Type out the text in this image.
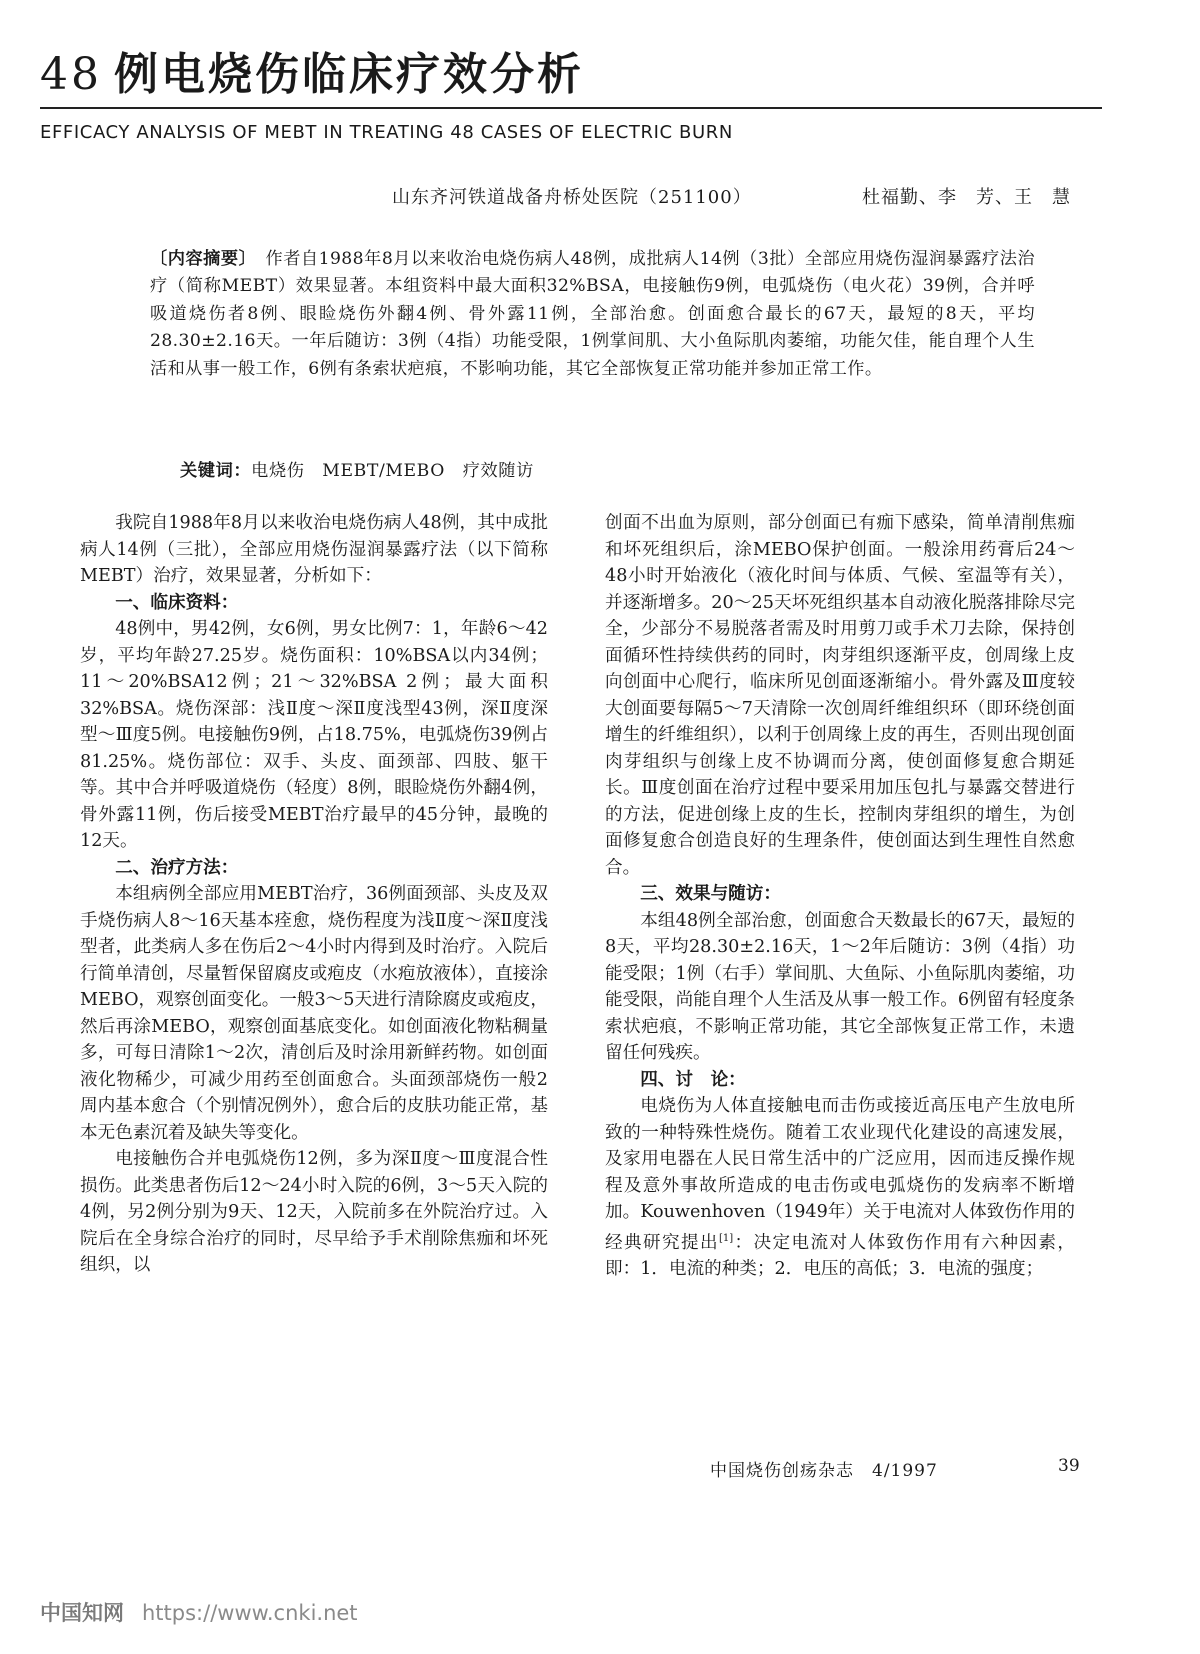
48 例电烧伤临床疗效分析
EFFICACY ANALYSIS OF MEBT IN TREATING 48 CASES OF ELECTRIC BURN
山东齐河铁道战备舟桥处医院（251100）	杜福勤、李　芳、王　慧
〔内容摘要〕　 作者自1988年8月以来收治电烧伤病人48例，成批病人14例（3批）全部应用烧伤湿润暴露疗法治疗（简称MEBT）效果显著。本组资料中最大面积32%BSA，电接触伤9例，电弧烧伤（电火花）39例，合并呼吸道烧伤者8例、眼睑烧伤外翻4例、骨外露11例，全部治愈。创面愈合最长的67天，最短的8天，平均28.30±2.16天。一年后随访：3例（4指）功能受限，1例掌间肌、大小鱼际肌肉萎缩，功能欠佳，能自理个人生活和从事一般工作，6例有条索状疤痕，不影响功能，其它全部恢复正常功能并参加正常工作。
关键词：电烧伤　MEBT/MEBO　疗效随访

我院自1988年8月以来收治电烧伤病人48例，其中成批病人14例（三批），全部应用烧伤湿润暴露疗法（以下简称MEBT）治疗，效果显著，分析如下：

一、临床资料：

48例中，男42例，女6例，男女比例7：1，年龄6～42岁，平均年龄27.25岁。烧伤面积：10%BSA以内34例；11～20%BSA12例；21～32%BSA 2例；最大面积32%BSA。烧伤深部：浅Ⅱ度～深Ⅱ度浅型43例，深Ⅱ度深型～Ⅲ度5例。电接触伤9例，占18.75%，电弧烧伤39例占81.25%。烧伤部位：双手、头皮、面颈部、四肢、躯干等。其中合并呼吸道烧伤（轻度）8例，眼睑烧伤外翻4例，骨外露11例，伤后接受MEBT治疗最早的45分钟，最晚的12天。

二、治疗方法：

本组病例全部应用MEBT治疗，36例面颈部、头皮及双手烧伤病人8～16天基本痊愈，烧伤程度为浅Ⅱ度～深Ⅱ度浅型者，此类病人多在伤后2～4小时内得到及时治疗。入院后行简单清创，尽量暂保留腐皮或疱皮（水疱放液体），直接涂MEBO，观察创面变化。一般3～5天进行清除腐皮或疱皮，然后再涂MEBO，观察创面基底变化。如创面液化物粘稠量多，可每日清除1～2次，清创后及时涂用新鲜药物。如创面液化物稀少，可减少用药至创面愈合。头面颈部烧伤一般2周内基本愈合（个别情况例外），愈合后的皮肤功能正常，基本无色素沉着及缺失等变化。

电接触伤合并电弧烧伤12例，多为深Ⅱ度～Ⅲ度混合性损伤。此类患者伤后12～24小时入院的6例，3～5天入院的4例，另2例分别为9天、12天，入院前多在外院治疗过。入院后在全身综合治疗的同时，尽早给予手术削除焦痂和坏死组织，以

创面不出血为原则，部分创面已有痂下感染，简单清削焦痂和坏死组织后，涂MEBO保护创面。一般涂用药膏后24～48小时开始液化（液化时间与体质、气候、室温等有关），并逐渐增多。20～25天坏死组织基本自动液化脱落排除尽完全，少部分不易脱落者需及时用剪刀或手术刀去除，保持创面循环性持续供药的同时，肉芽组织逐渐平皮，创周缘上皮向创面中心爬行，临床所见创面逐渐缩小。骨外露及Ⅲ度较大创面要每隔5～7天清除一次创周纤维组织环（即环绕创面增生的纤维组织），以利于创周缘上皮的再生，否则出现创面肉芽组织与创缘上皮不协调而分离，使创面修复愈合期延长。Ⅲ度创面在治疗过程中要采用加压包扎与暴露交替进行的方法，促进创缘上皮的生长，控制肉芽组织的增生，为创面修复愈合创造良好的生理条件，使创面达到生理性自然愈合。

三、效果与随访：

本组48例全部治愈，创面愈合天数最长的67天，最短的8天，平均28.30±2.16天，1～2年后随访：3例（4指）功能受限；1例（右手）掌间肌、大鱼际、小鱼际肌肉萎缩，功能受限，尚能自理个人生活及从事一般工作。6例留有轻度条索状疤痕，不影响正常功能，其它全部恢复正常工作，未遗留任何残疾。

四、讨　论：

电烧伤为人体直接触电而击伤或接近高压电产生放电所致的一种特殊性烧伤。随着工农业现代化建设的高速发展，及家用电器在人民日常生活中的广泛应用，因而违反操作规程及意外事故所造成的电击伤或电弧烧伤的发病率不断增加。Kouwenhoven（1949年）关于电流对人体致伤作用的经典研究提出[1]：决定电流对人体致伤作用有六种因素，即：1．电流的种类；2．电压的高低；3．电流的强度；

中国烧伤创疡杂志　4/1997	39
中国知网 https://www.cnki.net
